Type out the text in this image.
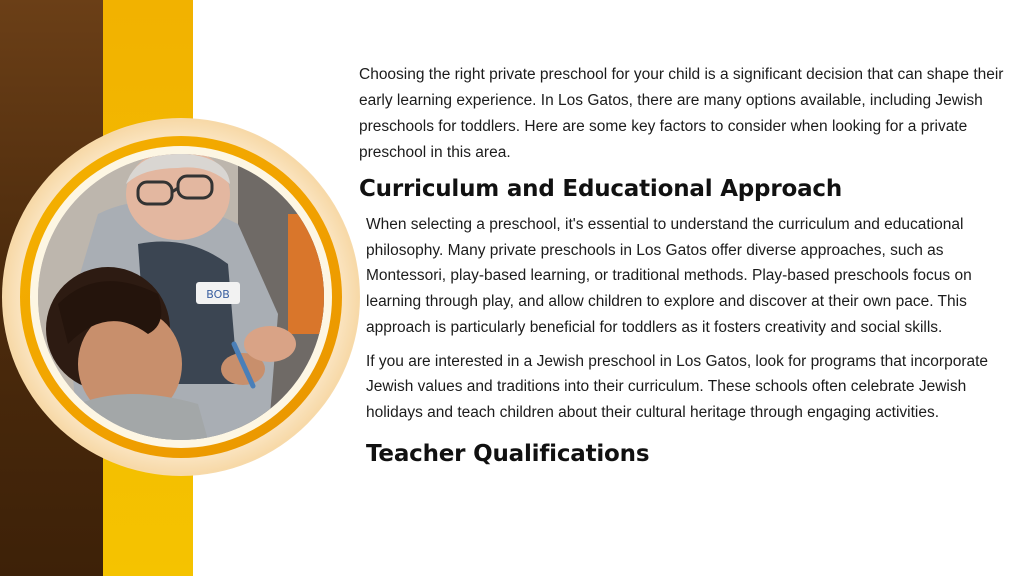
BOB

Choosing the right private preschool for your child is a significant decision that can shape their early learning experience. In Los Gatos, there are many options available, including Jewish preschools for toddlers. Here are some key factors to consider when looking for a private preschool in this area.

Curriculum and Educational Approach

When selecting a preschool, it's essential to understand the curriculum and educational philosophy. Many private preschools in Los Gatos offer diverse approaches, such as Montessori, play-based learning, or traditional methods. Play-based preschools focus on learning through play, and allow children to explore and discover at their own pace. This approach is particularly beneficial for toddlers as it fosters creativity and social skills.

If you are interested in a Jewish preschool in Los Gatos, look for programs that incorporate Jewish values and traditions into their curriculum. These schools often celebrate Jewish holidays and teach children about their cultural heritage through engaging activities.

Teacher Qualifications
